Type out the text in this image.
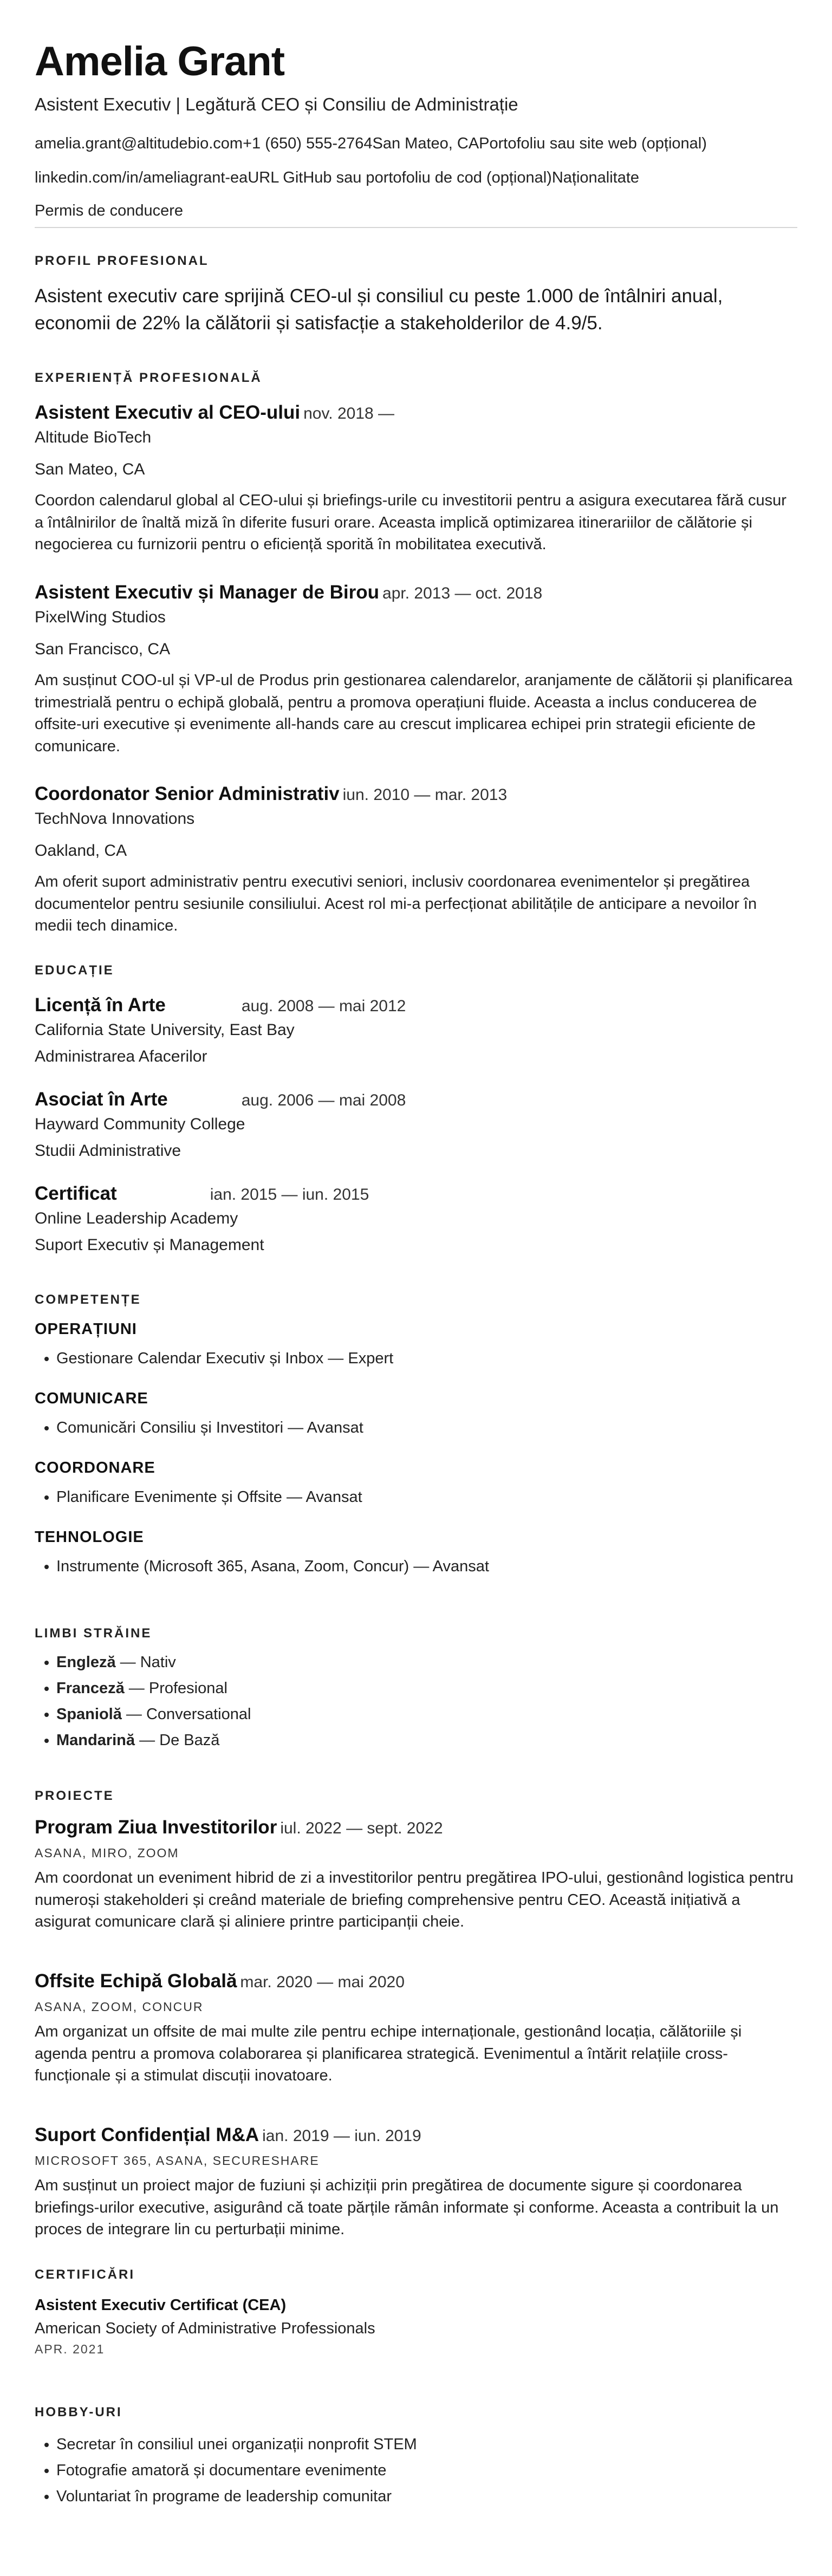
Amelia Grant
Asistent Executiv | Legătură CEO și Consiliu de Administrație
amelia.grant@altitudebio.com+1 (650) 555-2764San Mateo, CAPortofoliu sau site web (opțional)
linkedin.com/in/ameliagrant-eaURL GitHub sau portofoliu de cod (opțional)Naționalitate
Permis de conducere
PROFIL PROFESIONAL

Asistent executiv care sprijină CEO-ul și consiliul cu peste 1.000 de întâlniri anual, economii de 22% la călătorii și satisfacție a stakeholderilor de 4.9/5.

EXPERIENȚĂ PROFESIONALĂ
Asistent Executiv al CEO-ului nov. 2018 —
Altitude BioTech
San Mateo, CA

Coordon calendarul global al CEO-ului și briefings-urile cu investitorii pentru a asigura executarea fără cusur a întâlnirilor de înaltă miză în diferite fusuri orare. Aceasta implică optimizarea itinerariilor de călătorie și negocierea cu furnizorii pentru o eficiență sporită în mobilitatea executivă.

Asistent Executiv și Manager de Birou apr. 2013 — oct. 2018
PixelWing Studios
San Francisco, CA

Am susținut COO-ul și VP-ul de Produs prin gestionarea calendarelor, aranjamente de călătorii și planificarea trimestrială pentru o echipă globală, pentru a promova operațiuni fluide. Aceasta a inclus conducerea de offsite-uri executive și evenimente all-hands care au crescut implicarea echipei prin strategii eficiente de comunicare.

Coordonator Senior Administrativ iun. 2010 — mar. 2013
TechNova Innovations
Oakland, CA

Am oferit suport administrativ pentru executivi seniori, inclusiv coordonarea evenimentelor și pregătirea documentelor pentru sesiunile consiliului. Acest rol mi-a perfecționat abilitățile de anticipare a nevoilor în medii tech dinamice.

EDUCAȚIE
Licență în Arte	aug. 2008 — mai 2012
California State University, East Bay
Administrarea Afacerilor
Asociat în Arte	aug. 2006 — mai 2008
Hayward Community College
Studii Administrative
Certificat	ian. 2015 — iun. 2015
Online Leadership Academy
Suport Executiv și Management
COMPETENȚE
OPERAȚIUNI
Gestionare Calendar Executiv și Inbox — Expert
COMUNICARE
Comunicări Consiliu și Investitori — Avansat
COORDONARE
Planificare Evenimente și Offsite — Avansat
TEHNOLOGIE
Instrumente (Microsoft 365, Asana, Zoom, Concur) — Avansat
LIMBI STRĂINE
Engleză — Nativ
Franceză — Profesional
Spaniolă — Conversational
Mandarină — De Bază
PROIECTE
Program Ziua Investitorilor iul. 2022 — sept. 2022
ASANA, MIRO, ZOOM

Am coordonat un eveniment hibrid de zi a investitorilor pentru pregătirea IPO-ului, gestionând logistica pentru numeroși stakeholderi și creând materiale de briefing comprehensive pentru CEO. Această inițiativă a asigurat comunicare clară și aliniere printre participanții cheie.

Offsite Echipă Globală mar. 2020 — mai 2020
ASANA, ZOOM, CONCUR

Am organizat un offsite de mai multe zile pentru echipe internaționale, gestionând locația, călătoriile și agenda pentru a promova colaborarea și planificarea strategică. Evenimentul a întărit relațiile cross-funcționale și a stimulat discuții inovatoare.

Suport Confidențial M&A ian. 2019 — iun. 2019
MICROSOFT 365, ASANA, SECURESHARE

Am susținut un proiect major de fuziuni și achiziții prin pregătirea de documente sigure și coordonarea briefings-urilor executive, asigurând că toate părțile rămân informate și conforme. Aceasta a contribuit la un proces de integrare lin cu perturbații minime.

CERTIFICĂRI
Asistent Executiv Certificat (CEA)
American Society of Administrative Professionals
APR. 2021
HOBBY-URI
Secretar în consiliul unei organizații nonprofit STEM
Fotografie amatoră și documentare evenimente
Voluntariat în programe de leadership comunitar
